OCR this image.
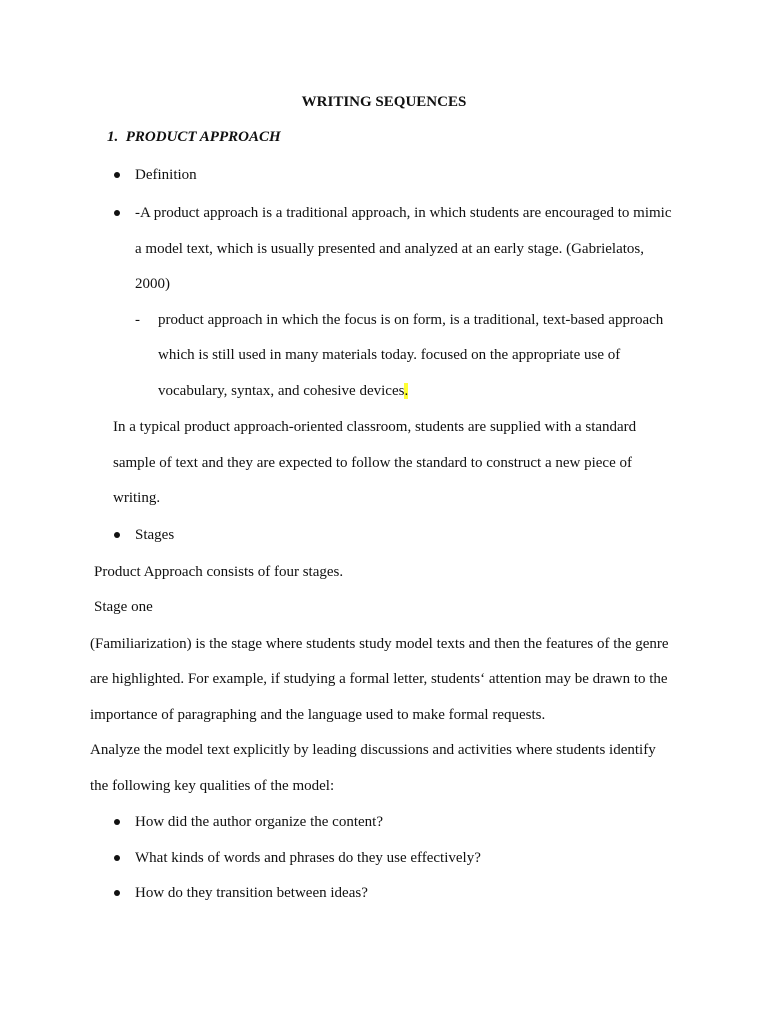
WRITING SEQUENCES
1. PRODUCT APPROACH
Definition
-A product approach is a traditional approach, in which students are encouraged to mimic
a model text, which is usually presented and analyzed at an early stage. (Gabrielatos,
2000)
- product approach in which the focus is on form, is a traditional, text-based approach
which is still used in many materials today. focused on the appropriate use of
vocabulary, syntax, and cohesive devices.
In a typical product approach-oriented classroom, students are supplied with a standard
sample of text and they are expected to follow the standard to construct a new piece of
writing.
Stages
Product Approach consists of four stages.
Stage one
(Familiarization) is the stage where students study model texts and then the features of the genre
are highlighted. For example, if studying a formal letter, students‘ attention may be drawn to the
importance of paragraphing and the language used to make formal requests.
Analyze the model text explicitly by leading discussions and activities where students identify
the following key qualities of the model:
How did the author organize the content?
What kinds of words and phrases do they use effectively?
How do they transition between ideas?
